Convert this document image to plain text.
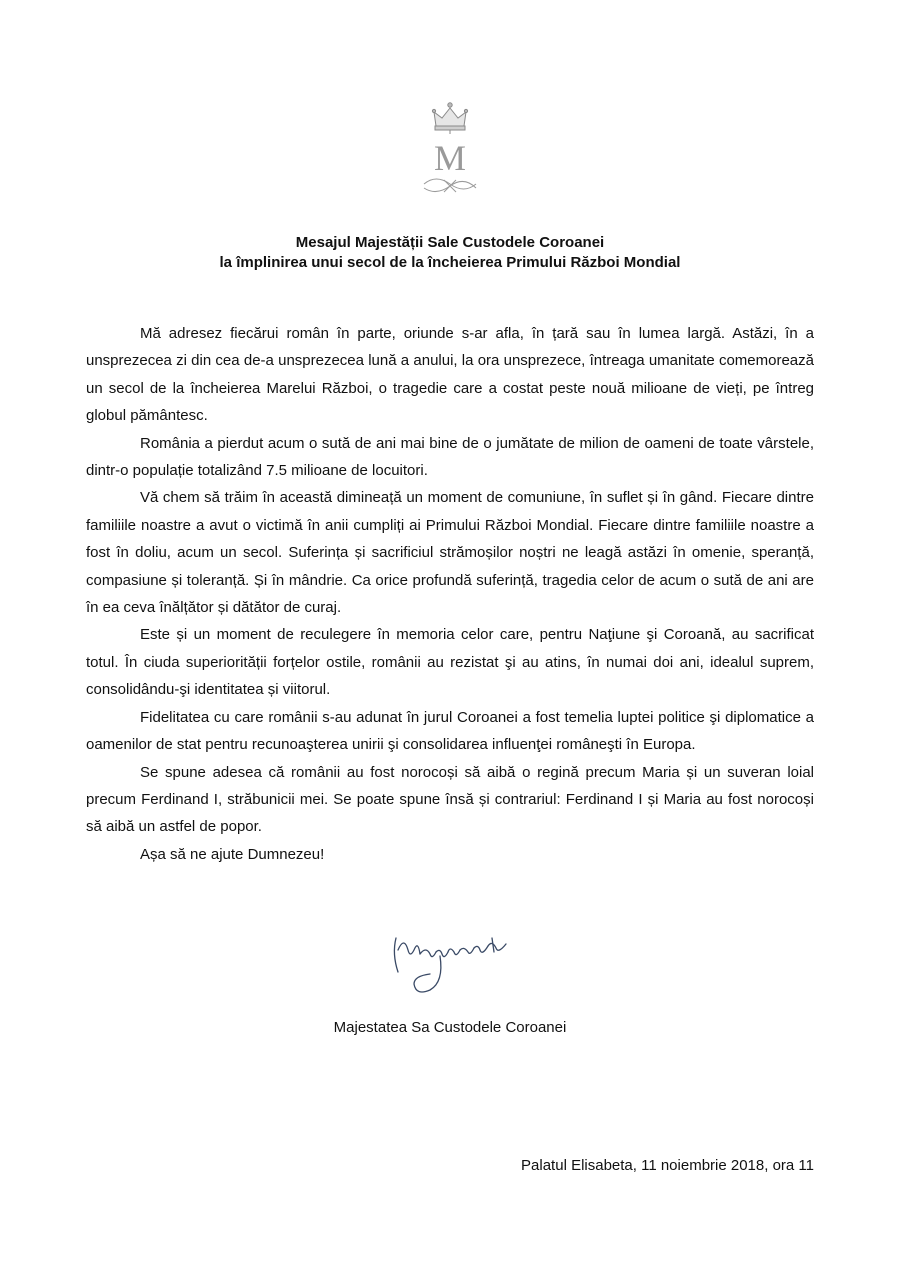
M
Mesajul Majestății Sale Custodele Coroanei
la împlinirea unui secol de la încheierea Primului Război Mondial

Mă adresez fiecărui român în parte, oriunde s-ar afla, în țară sau în lumea largă. Astăzi, în a unsprezecea zi din cea de-a unsprezecea lună a anului, la ora unsprezece, întreaga umanitate comemorează un secol de la încheierea Marelui Război, o tragedie care a costat peste nouă milioane de vieți, pe întreg globul pământesc.

România a pierdut acum o sută de ani mai bine de o jumătate de milion de oameni de toate vârstele, dintr-o populație totalizând 7.5 milioane de locuitori.

Vă chem să trăim în această dimineață un moment de comuniune, în suflet și în gând. Fiecare dintre familiile noastre a avut o victimă în anii cumpliți ai Primului Război Mondial. Fiecare dintre familiile noastre a fost în doliu, acum un secol. Suferința și sacrificiul strămoșilor noștri ne leagă astăzi în omenie, speranță, compasiune și toleranță. Și în mândrie. Ca orice profundă suferință, tragedia celor de acum o sută de ani are în ea ceva înălțător și dătător de curaj.

Este și un moment de reculegere în memoria celor care, pentru Naţiune şi Coroană, au sacrificat totul. În ciuda superiorității forțelor ostile, românii au rezistat şi au atins, în numai doi ani, idealul suprem, consolidându-şi identitatea și viitorul.

Fidelitatea cu care românii s-au adunat în jurul Coroanei a fost temelia luptei politice şi diplomatice a oamenilor de stat pentru recunoaşterea unirii şi consolidarea influenţei româneşti în Europa.

Se spune adesea că românii au fost norocoși să aibă o regină precum Maria și un suveran loial precum Ferdinand I, străbunicii mei. Se poate spune însă și contrariul: Ferdinand I și Maria au fost norocoși să aibă un astfel de popor.

Așa să ne ajute Dumnezeu!

Majestatea Sa Custodele Coroanei
Palatul Elisabeta, 11 noiembrie 2018, ora 11
